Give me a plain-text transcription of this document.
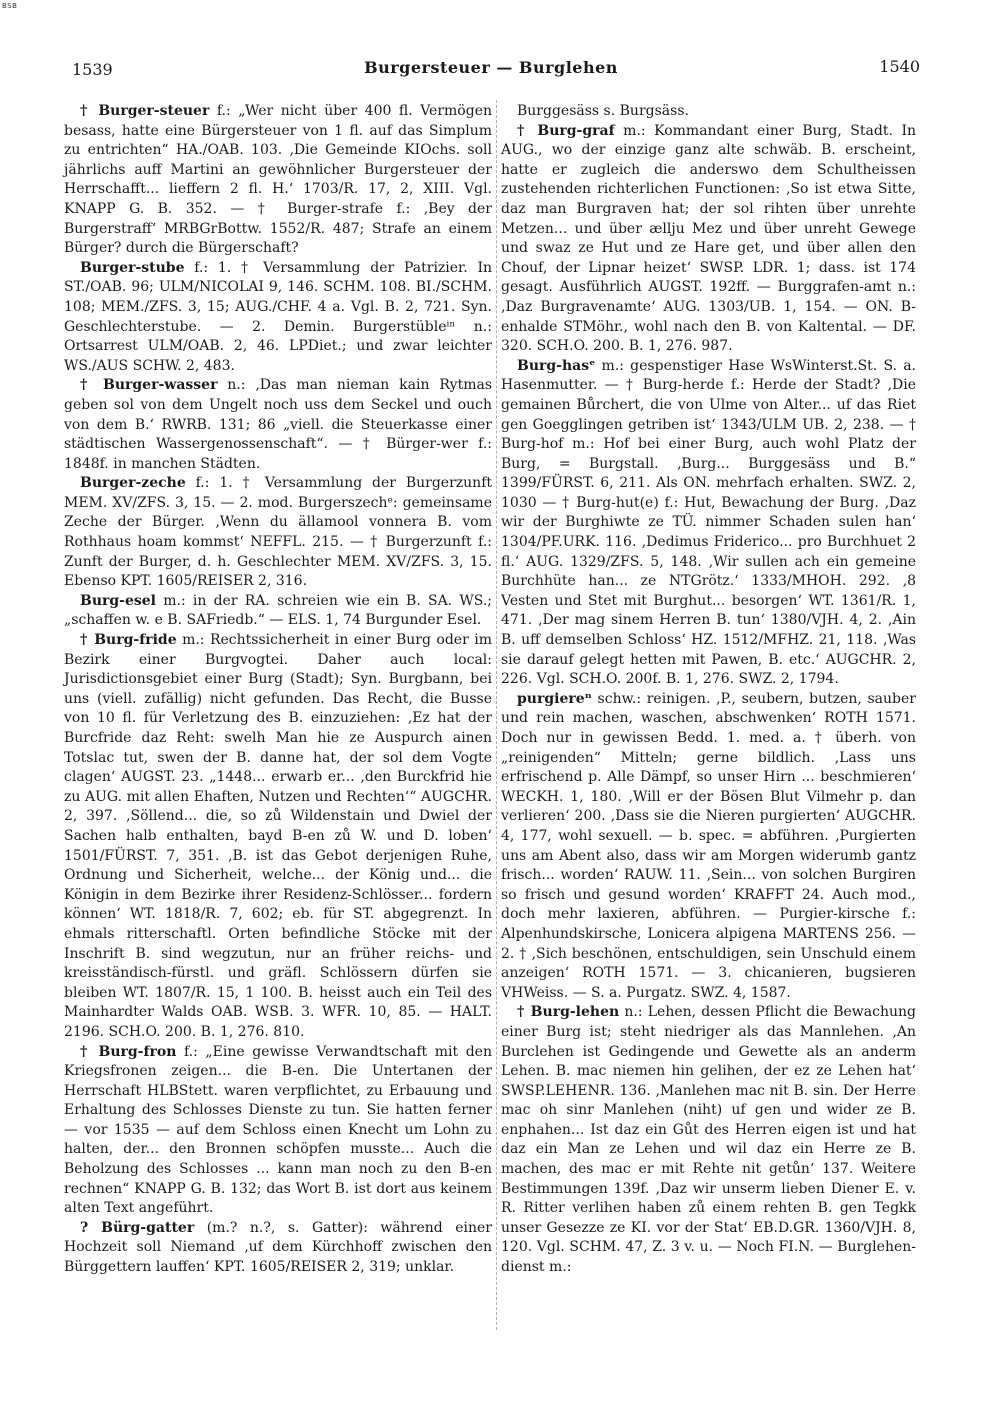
BSB
1539	Burgersteuer — Burglehen	1540

† Burger-steuer f.: „Wer nicht über 400 fl. Vermögen besass, hatte eine Bürgersteuer von 1 fl. auf das Simplum zu entrichten“ HA./OAB. 103. ‚Die Gemeinde KIOchs. soll jährlichs auff Martini an gewöhnlicher Burgersteuer der Herrschafft... lieffern 2 fl. H.‘ 1703/R. 17, 2, XIII. Vgl. KNAPP G. B. 352. — † Burger-strafe f.: ‚Bey der Burgerstraff‘ MRBGrBottw. 1552/R. 487; Strafe an einem Bürger? durch die Bürgerschaft?

Burger-stube f.: 1. † Versammlung der Patrizier. In ST./OAB. 96; ULM/NICOLAI 9, 146. SCHM. 108. BI./SCHM. 108; MEM./ZFS. 3, 15; AUG./CHF. 4 a. Vgl. B. 2, 721. Syn. Geschlechterstube. — 2. Demin. Burgerstübleⁱⁿ n.: Ortsarrest ULM/OAB. 2, 46. LPDiet.; und zwar leichter WS./AUS SCHW. 2, 483.

† Burger-wasser n.: ‚Das man nieman kain Rytmas geben sol von dem Ungelt noch uss dem Seckel und ouch von dem B.‘ RWRB. 131; 86 „viell. die Steuerkasse einer städtischen Wassergenossenschaft“. — † Bürger-wer f.: 1848f. in manchen Städten.

Burger-zeche f.: 1. † Versammlung der Burgerzunft MEM. XV/ZFS. 3, 15. — 2. mod. Burgerszechᵉ: gemeinsame Zeche der Bürger. ‚Wenn du ällamool vonnera B. vom Rothhaus hoam kommst‘ NEFFL. 215. — † Burgerzunft f.: Zunft der Burger, d. h. Geschlechter MEM. XV/ZFS. 3, 15. Ebenso KPT. 1605/REISER 2, 316.

Burg-esel m.: in der RA. schreien wie ein B. SA. WS.; „schaffen w. e B. SAFriedb.“ — ELS. 1, 74 Burgunder Esel.

† Burg-fride m.: Rechtssicherheit in einer Burg oder im Bezirk einer Burgvogtei. Daher auch local: Jurisdictionsgebiet einer Burg (Stadt); Syn. Burgbann, bei uns (viell. zufällig) nicht gefunden. Das Recht, die Busse von 10 fl. für Verletzung des B. einzuziehen: ‚Ez hat der Burcfride daz Reht: swelh Man hie ze Auspurch ainen Totslac tut, swen der B. danne hat, der sol dem Vogte clagen‘ AUGST. 23. „1448... erwarb er... ‚den Burckfrid hie zu AUG. mit allen Ehaften, Nutzen und Rechten‘“ AUGCHR. 2, 397. ‚Söllend... die, so zů Wildenstain und Dwiel der Sachen halb enthalten, bayd B-en zů W. und D. loben‘ 1501/FÜRST. 7, 351. ‚B. ist das Gebot derjenigen Ruhe, Ordnung und Sicherheit, welche... der König und... die Königin in dem Bezirke ihrer Residenz-Schlösser... fordern können‘ WT. 1818/R. 7, 602; eb. für ST. abgegrenzt. In ehmals ritterschaftl. Orten befindliche Stöcke mit der Inschrift B. sind wegzutun, nur an früher reichs- und kreisständisch-fürstl. und gräfl. Schlössern dürfen sie bleiben WT. 1807/R. 15, 1 100. B. heisst auch ein Teil des Mainhardter Walds OAB. WSB. 3. WFR. 10, 85. — HALT. 2196. SCH.O. 200. B. 1, 276. 810.

† Burg-fron f.: „Eine gewisse Verwandtschaft mit den Kriegsfronen zeigen... die B-en. Die Untertanen der Herrschaft HLBStett. waren verpflichtet, zu Erbauung und Erhaltung des Schlosses Dienste zu tun. Sie hatten ferner — vor 1535 — auf dem Schloss einen Knecht um Lohn zu halten, der... den Bronnen schöpfen musste... Auch die Beholzung des Schlosses ... kann man noch zu den B-en rechnen“ KNAPP G. B. 132; das Wort B. ist dort aus keinem alten Text angeführt.

? Bürg-gatter (m.? n.?, s. Gatter): während einer Hochzeit soll Niemand ‚uf dem Kürchhoff zwischen den Bürggettern lauffen‘ KPT. 1605/REISER 2, 319; unklar.

Burggesäss s. Burgsäss.

† Burg-graf m.: Kommandant einer Burg, Stadt. In AUG., wo der einzige ganz alte schwäb. B. erscheint, hatte er zugleich die anderswo dem Schultheissen zustehenden richterlichen Functionen: ‚So ist etwa Sitte, daz man Burgraven hat; der sol rihten über unrehte Metzen... und über ællju Mez und über unreht Gewege und swaz ze Hut und ze Hare get, und über allen den Chouf, der Lipnar heizet‘ SWSP. LDR. 1; dass. ist 174 gesagt. Ausführlich AUGST. 192ff. — Burggrafen-amt n.: ‚Daz Burgravenamte‘ AUG. 1303/UB. 1, 154. — ON. B-enhalde STMöhr., wohl nach den B. von Kaltental. — DF. 320. SCH.O. 200. B. 1, 276. 987.

Burg-hasᵉ m.: gespenstiger Hase WsWinterst.St. S. a. Hasenmutter. — † Burg-herde f.: Herde der Stadt? ‚Die gemainen Bůrchert, die von Ulme von Alter... uf das Riet gen Goegglingen getriben ist‘ 1343/ULM UB. 2, 238. — † Burg-hof m.: Hof bei einer Burg, auch wohl Platz der Burg, = Burgstall. ‚Burg... Burggesäss und B.“ 1399/FÜRST. 6, 211. Als ON. mehrfach erhalten. SWZ. 2, 1030 — † Burg-hut(e) f.: Hut, Bewachung der Burg. ‚Daz wir der Burghiwte ze TÜ. nimmer Schaden sulen han‘ 1304/PF.URK. 116. ‚Dedimus Friderico... pro Burchhuet 2 fl.‘ AUG. 1329/ZFS. 5, 148. ‚Wir sullen ach ein gemeine Burchhüte han... ze NTGrötz.‘ 1333/MHOH. 292. ‚8 Vesten und Stet mit Burghut... besorgen‘ WT. 1361/R. 1, 471. ‚Der mag sinem Herren B. tun‘ 1380/VJH. 4, 2. ‚Ain B. uff demselben Schloss‘ HZ. 1512/MFHZ. 21, 118. ‚Was sie darauf gelegt hetten mit Pawen, B. etc.‘ AUGCHR. 2, 226. Vgl. SCH.O. 200f. B. 1, 276. SWZ. 2, 1794.

purgiereⁿ schw.: reinigen. ‚P., seubern, butzen, sauber und rein machen, waschen, abschwenken‘ ROTH 1571. Doch nur in gewissen Bedd. 1. med. a. † überh. von „reinigenden“ Mitteln; gerne bildlich. ‚Lass uns erfrischend p. Alle Dämpf, so unser Hirn ... beschmieren‘ WECKH. 1, 180. ‚Will er der Bösen Blut Vilmehr p. dan verlieren‘ 200. ‚Dass sie die Nieren purgierten‘ AUGCHR. 4, 177, wohl sexuell. — b. spec. = abführen. ‚Purgierten uns am Abent also, dass wir am Morgen widerumb gantz frisch... worden‘ RAUW. 11. ‚Sein... von solchen Burgiren so frisch und gesund worden‘ KRAFFT 24. Auch mod., doch mehr laxieren, abführen. — Purgier-kirsche f.: Alpenhundskirsche, Lonicera alpigena MARTENS 256. — 2. † ‚Sich beschönen, entschuldigen, sein Unschuld einem anzeigen‘ ROTH 1571. — 3. chicanieren, bugsieren VHWeiss. — S. a. Purgatz. SWZ. 4, 1587.

† Burg-lehen n.: Lehen, dessen Pflicht die Bewachung einer Burg ist; steht niedriger als das Mannlehen. ‚An Burclehen ist Gedingende und Gewette als an anderm Lehen. B. mac niemen hin gelihen, der ez ze Lehen hat‘ SWSP.LEHENR. 136. ‚Manlehen mac nit B. sin. Der Herre mac oh sinr Manlehen (niht) uf gen und wider ze B. enphahen... Ist daz ein Gůt des Herren eigen ist und hat daz ein Man ze Lehen und wil daz ein Herre ze B. machen, des mac er mit Rehte nit getůn‘ 137. Weitere Bestimmungen 139f. ‚Daz wir unserm lieben Diener E. v. R. Ritter verlihen haben zů einem rehten B. gen Tegkk unser Gesezze ze KI. vor der Stat‘ EB.D.GR. 1360/VJH. 8, 120. Vgl. SCHM. 47, Z. 3 v. u. — Noch FI.N. — Burglehen-dienst m.:
